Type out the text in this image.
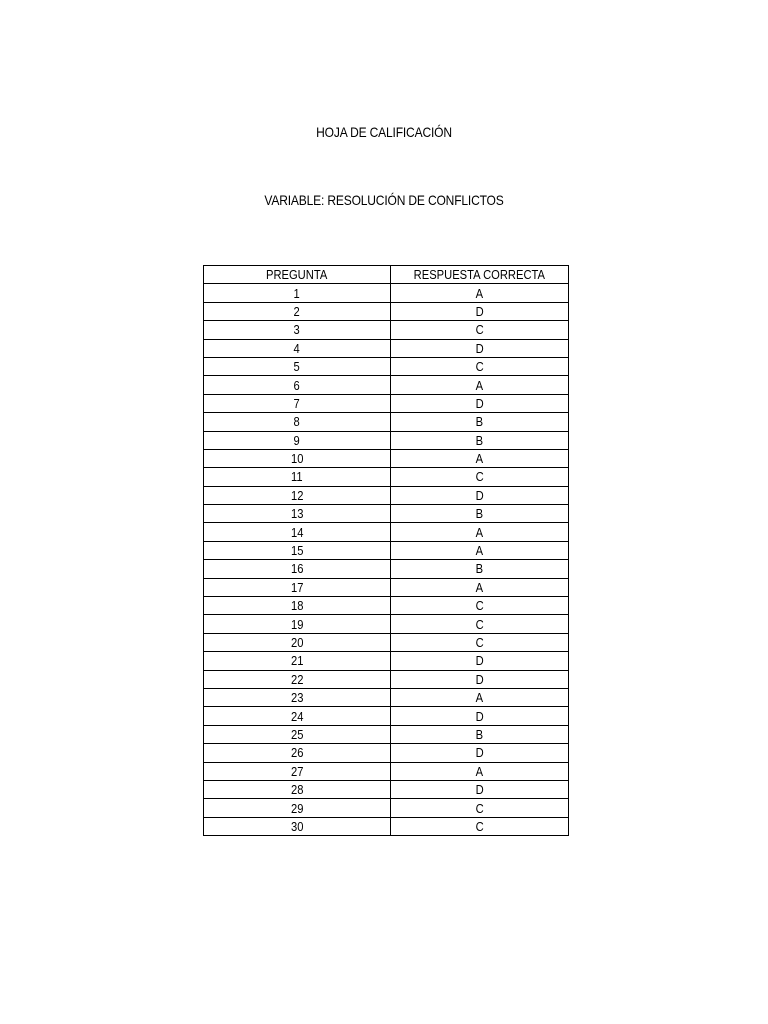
HOJA DE CALIFICACIÓN
VARIABLE: RESOLUCIÓN DE CONFLICTOS
PREGUNTA	RESPUESTA CORRECTA
1	A
2	D
3	C
4	D
5	C
6	A
7	D
8	B
9	B
10	A
11	C
12	D
13	B
14	A
15	A
16	B
17	A
18	C
19	C
20	C
21	D
22	D
23	A
24	D
25	B
26	D
27	A
28	D
29	C
30	C
